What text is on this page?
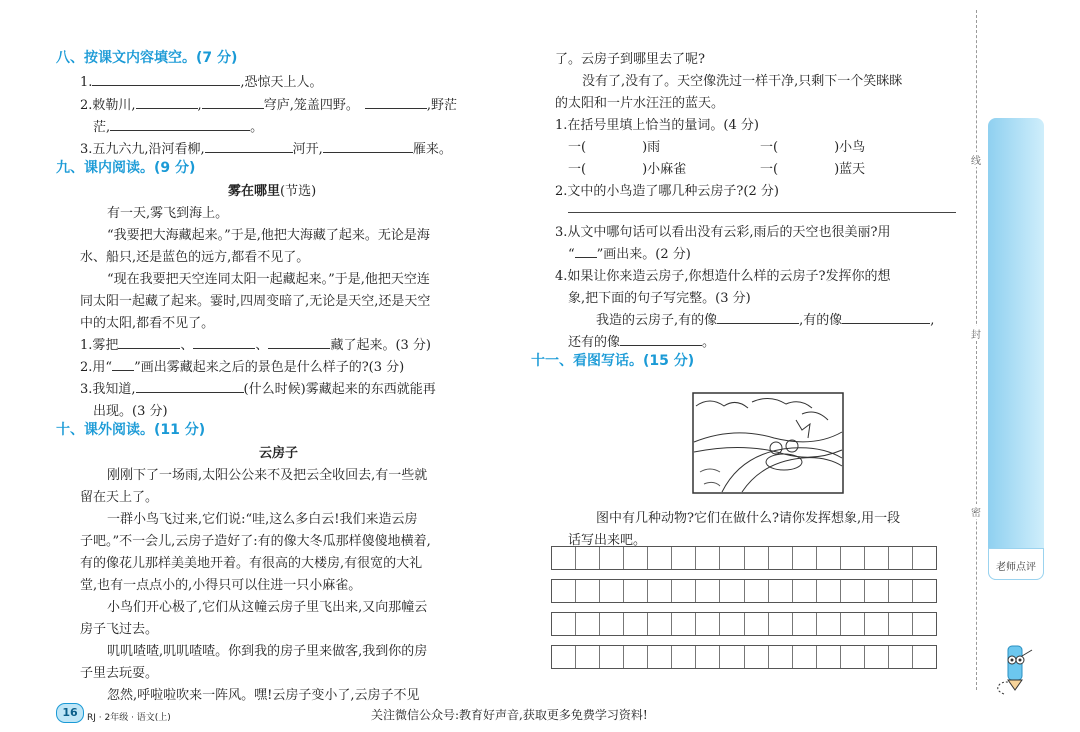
八、按课文内容填空。(7 分)
1.	,恐惊天上人。
2.敕勒川,	,	穹庐,笼盖四野。	,野茫
茫,	。
3.五九六九,沿河看柳,	河开,	雁来。
九、课内阅读。(9 分)
雾在哪里(节选)
有一天,雾飞到海上。
“我要把大海藏起来。”于是,他把大海藏了起来。无论是海
水、船只,还是蓝色的远方,都看不见了。
“现在我要把天空连同太阳一起藏起来。”于是,他把天空连
同太阳一起藏了起来。霎时,四周变暗了,无论是天空,还是天空
中的太阳,都看不见了。
1.雾把	、	、	藏了起来。(3 分)
2.用“ ”画出雾藏起来之后的景色是什么样子的?(3 分)
3.我知道,	(什么时候)雾藏起来的东西就能再
出现。(3 分)
十、课外阅读。(11 分)
云房子
刚刚下了一场雨,太阳公公来不及把云全收回去,有一些就
留在天上了。
一群小鸟飞过来,它们说:“哇,这么多白云!我们来造云房
子吧。”不一会儿,云房子造好了:有的像大冬瓜那样傻傻地横着,
有的像花儿那样美美地开着。有很高的大楼房,有很宽的大礼
堂,也有一点点小的,小得只可以住进一只小麻雀。
小鸟们开心极了,它们从这幢云房子里飞出来,又向那幢云
房子飞过去。
叽叽喳喳,叽叽喳喳。你到我的房子里来做客,我到你的房
子里去玩耍。
忽然,呼啦啦吹来一阵风。嘿!云房子变小了,云房子不见
了。云房子到哪里去了呢?
没有了,没有了。天空像洗过一样干净,只剩下一个笑眯眯
的太阳和一片水汪汪的蓝天。
1.在括号里填上恰当的量词。(4 分)
一(	)雨	一(	)小鸟
一(	)小麻雀	一(	)蓝天
2.文中的小鸟造了哪几种云房子?(2 分)
3.从文中哪句话可以看出没有云彩,雨后的天空也很美丽?用
“ ”画出来。(2 分)
4.如果让你来造云房子,你想造什么样的云房子?发挥你的想
象,把下面的句子写完整。(3 分)
我造的云房子,有的像	,有的像	,
还有的像	。
十一、看图写话。(15 分)
图中有几种动物?它们在做什么?请你发挥想象,用一段
话写出来吧。
线
封
密
老师点评
16	RJ · 2年级 · 语文(上)	关注微信公众号:教育好声音,获取更多免费学习资料!
